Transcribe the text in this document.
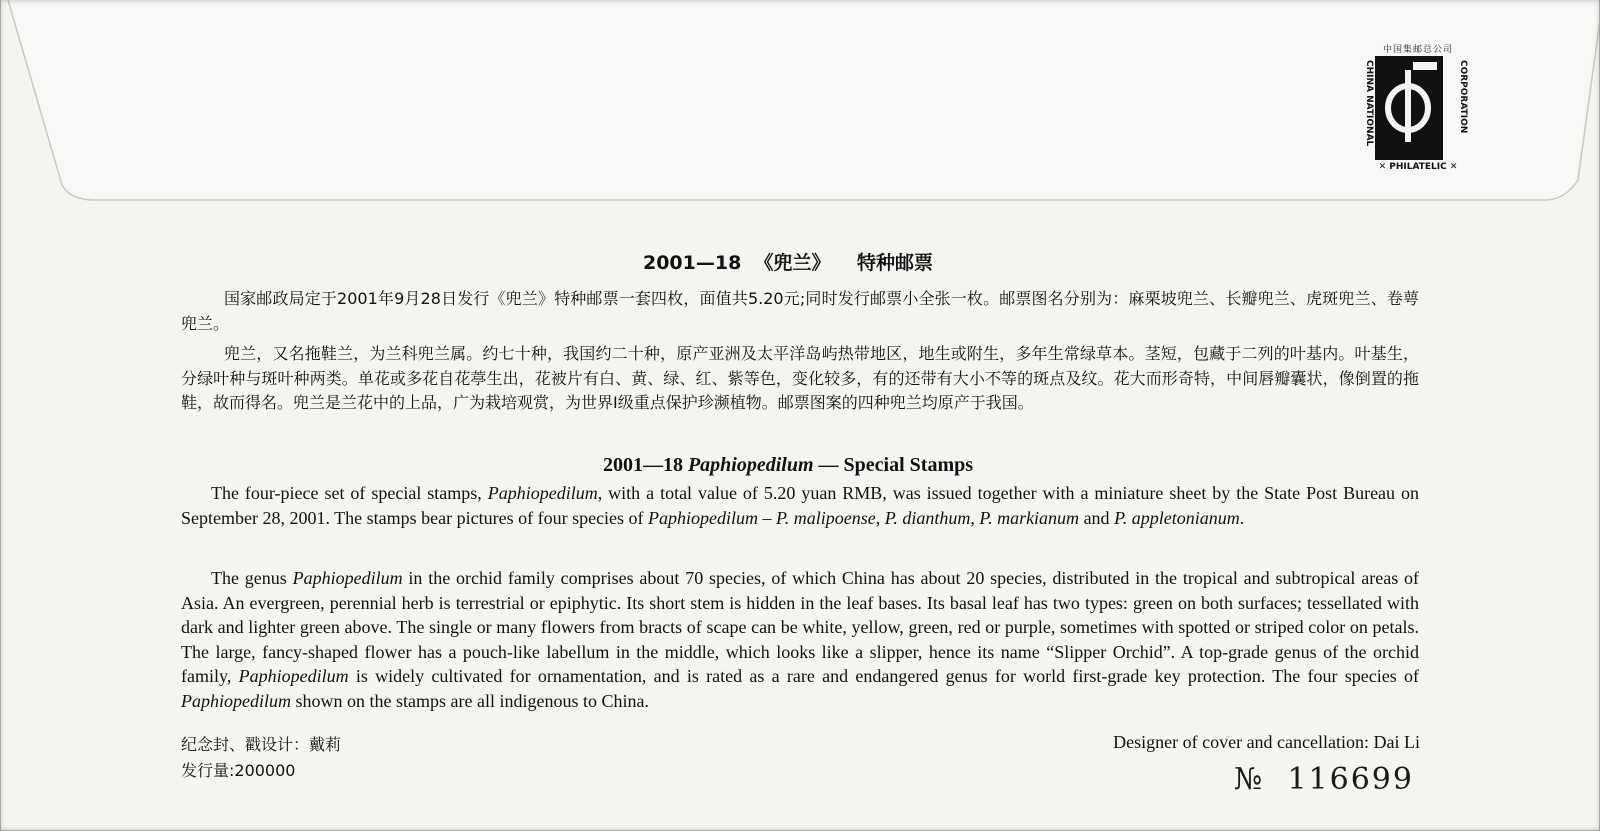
中国集邮总公司
CHINA NATIONAL	CORPORATION
✕ PHILATELIC ✕
2001—18  《兜兰》    特种邮票
国家邮政局定于2001年9月28日发行《兜兰》特种邮票一套四枚，面值共5.20元;同时发行邮票小全张一枚。邮票图名分别为：麻栗坡兜兰、长瓣兜兰、虎斑兜兰、卷萼兜兰。
兜兰，又名拖鞋兰，为兰科兜兰属。约七十种，我国约二十种，原产亚洲及太平洋岛屿热带地区，地生或附生，多年生常绿草本。茎短，包藏于二列的叶基内。叶基生，分绿叶种与斑叶种两类。单花或多花自花葶生出，花被片有白、黄、绿、红、紫等色，变化较多，有的还带有大小不等的斑点及纹。花大而形奇特，中间唇瓣囊状，像倒置的拖鞋，故而得名。兜兰是兰花中的上品，广为栽培观赏，为世界I级重点保护珍濒植物。邮票图案的四种兜兰均原产于我国。
2001—18 Paphiopedilum — Special Stamps
The four-piece set of special stamps, Paphiopedilum, with a total value of 5.20 yuan RMB, was issued together with a miniature sheet by the State Post Bureau on September 28, 2001. The stamps bear pictures of four species of Paphiopedilum – P. malipoense, P. dianthum, P. markianum and P. appletonianum.
The genus Paphiopedilum in the orchid family comprises about 70 species, of which China has about 20 species, distributed in the tropical and subtropical areas of Asia. An evergreen, perennial herb is terrestrial or epiphytic. Its short stem is hidden in the leaf bases. Its basal leaf has two types: green on both surfaces; tessellated with dark and lighter green above. The single or many flowers from bracts of scape can be white, yellow, green, red or purple, sometimes with spotted or striped color on petals. The large, fancy-shaped flower has a pouch-like labellum in the middle, which looks like a slipper, hence its name “Slipper Orchid”. A top-grade genus of the orchid family, Paphiopedilum is widely cultivated for ornamentation, and is rated as a rare and endangered genus for world first-grade key protection. The four species of Paphiopedilum shown on the stamps are all indigenous to China.
纪念封、戳设计：戴莉
发行量:200000
Designer of cover and cancellation: Dai Li
№  116699
